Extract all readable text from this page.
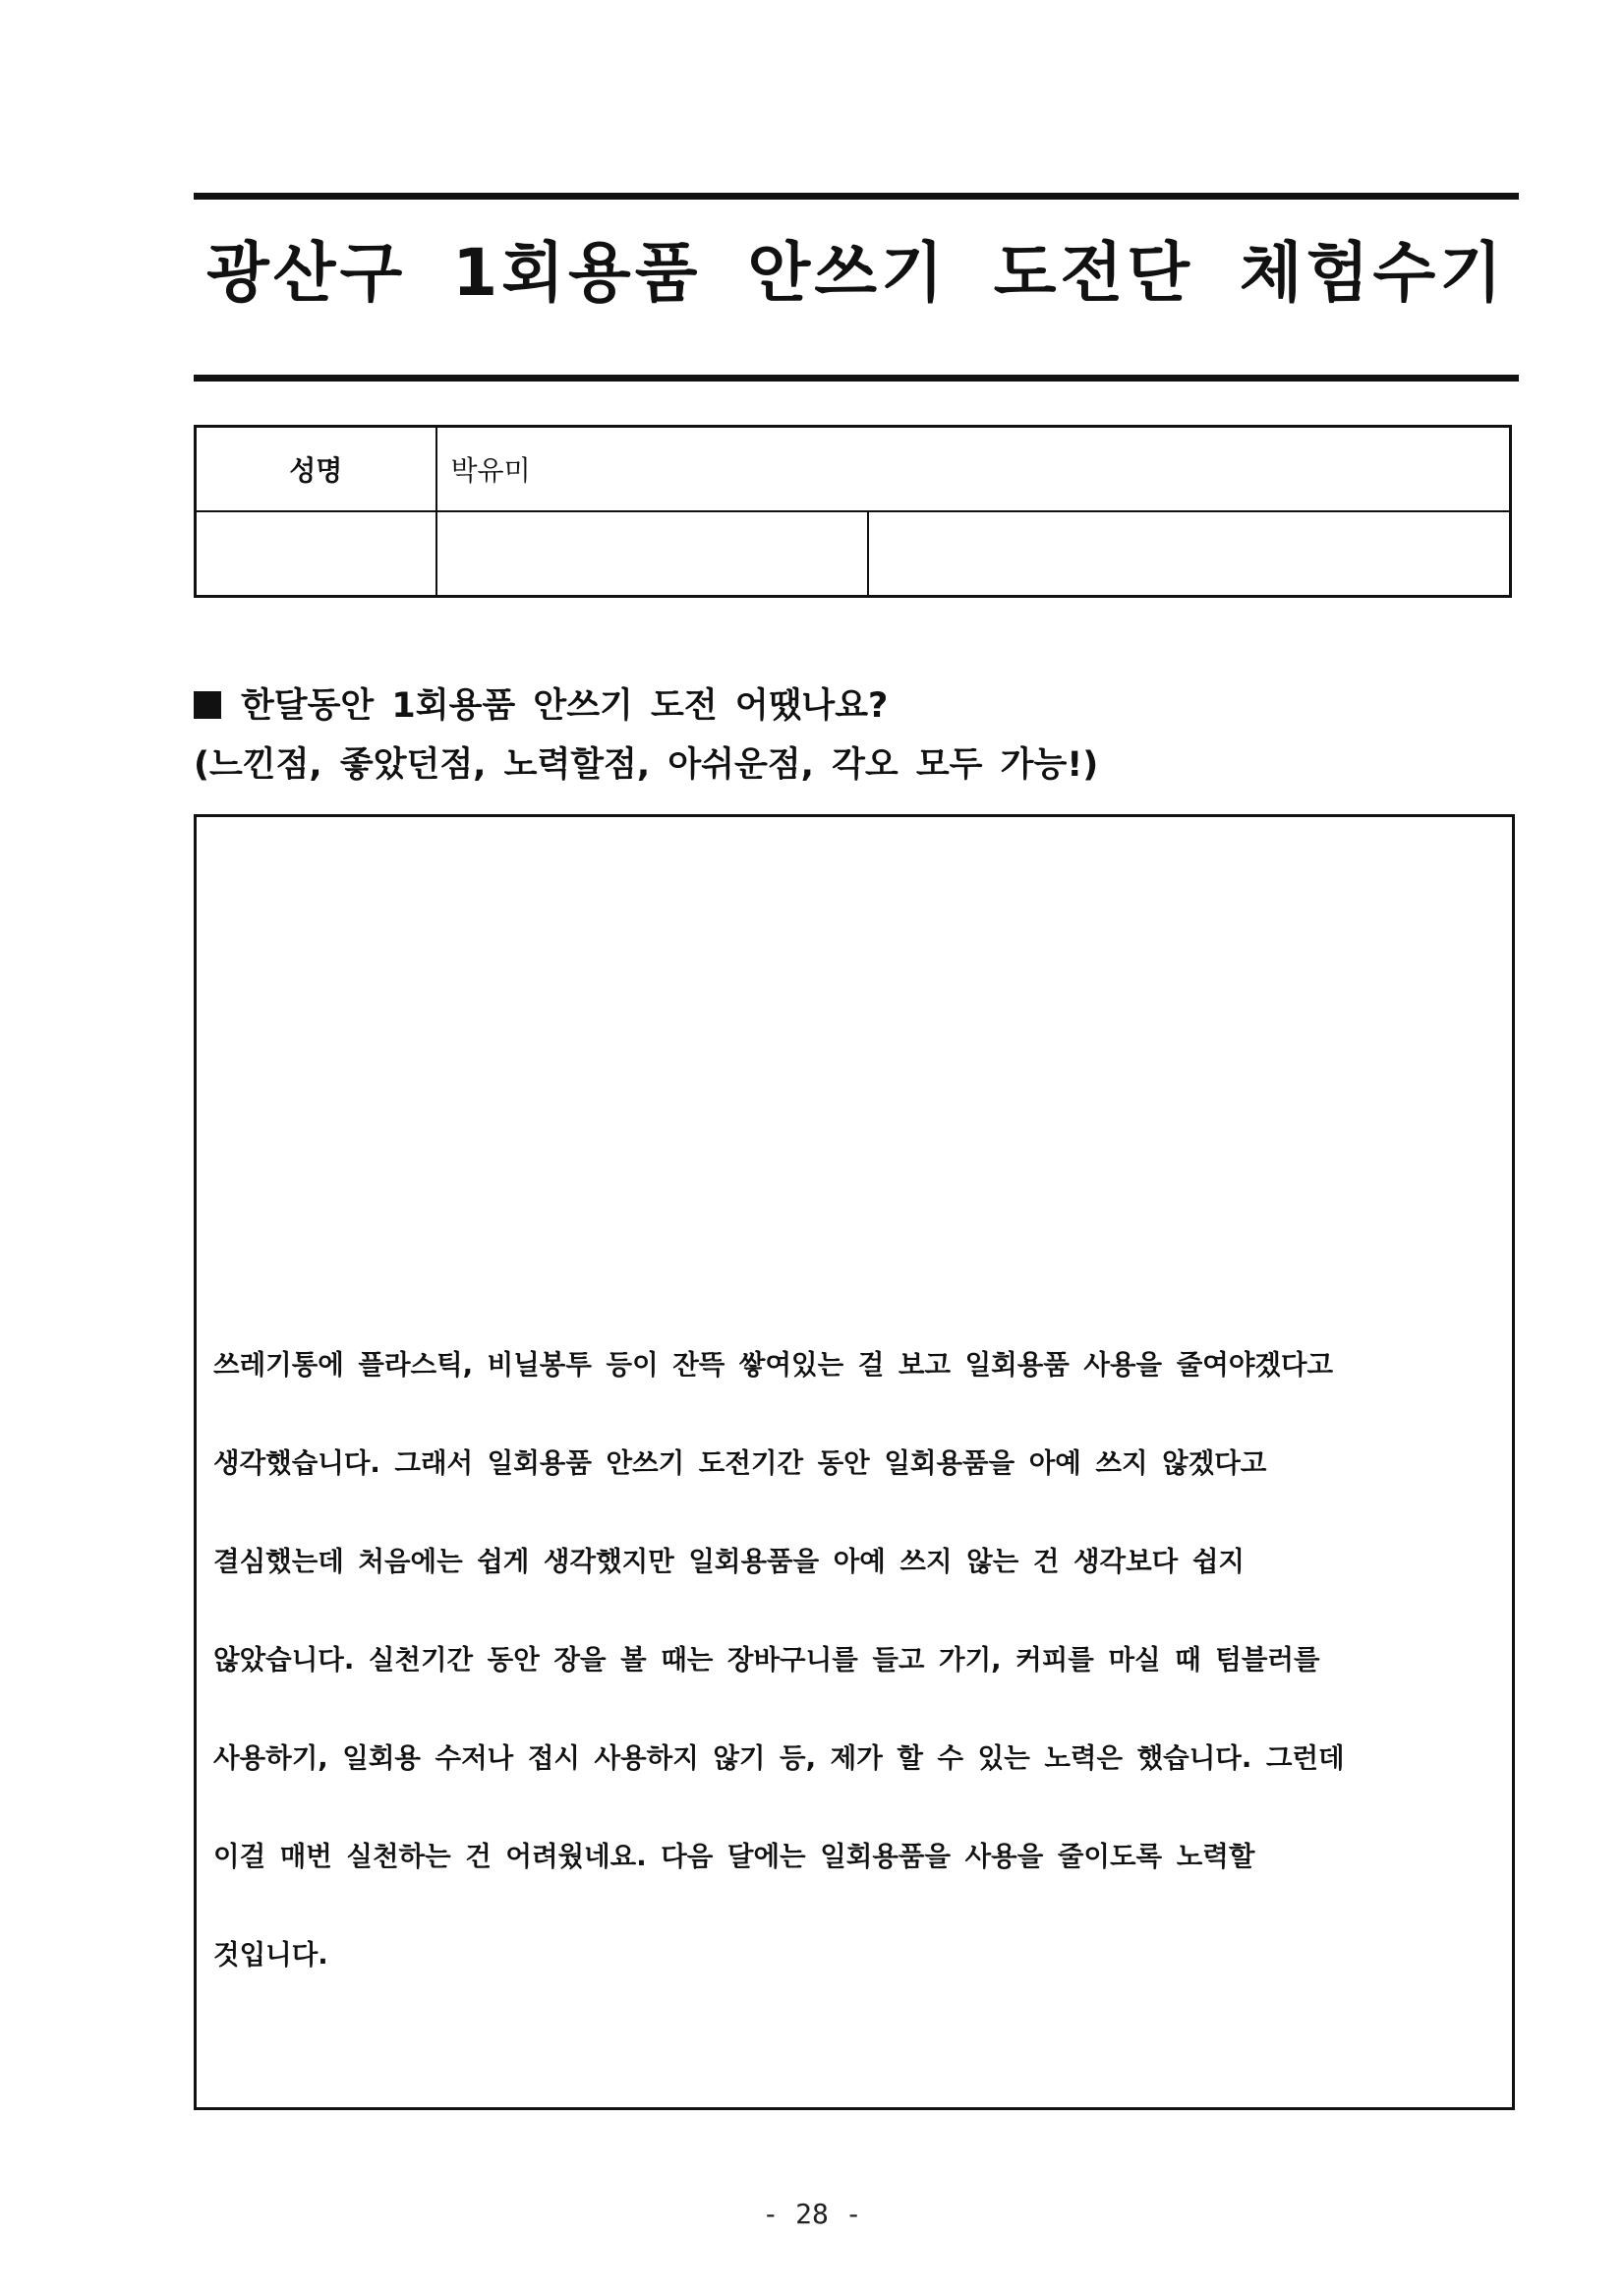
광산구 1회용품 안쓰기 도전단 체험수기
성명	박유미	

한달동안 1회용품 안쓰기 도전 어땠나요?
(느낀점, 좋았던점, 노력할점, 아쉬운점, 각오 모두 가능!)

쓰레기통에 플라스틱, 비닐봉투 등이 잔뜩 쌓여있는 걸 보고 일회용품 사용을 줄여야겠다고

생각했습니다. 그래서 일회용품 안쓰기 도전기간 동안 일회용품을 아예 쓰지 않겠다고

결심했는데 처음에는 쉽게 생각했지만 일회용품을 아예 쓰지 않는 건 생각보다 쉽지

않았습니다. 실천기간 동안 장을 볼 때는 장바구니를 들고 가기, 커피를 마실 때 텀블러를

사용하기, 일회용 수저나 접시 사용하지 않기 등, 제가 할 수 있는 노력은 했습니다. 그런데

이걸 매번 실천하는 건 어려웠네요. 다음 달에는 일회용품을 사용을 줄이도록 노력할

것입니다.

- 28 -
